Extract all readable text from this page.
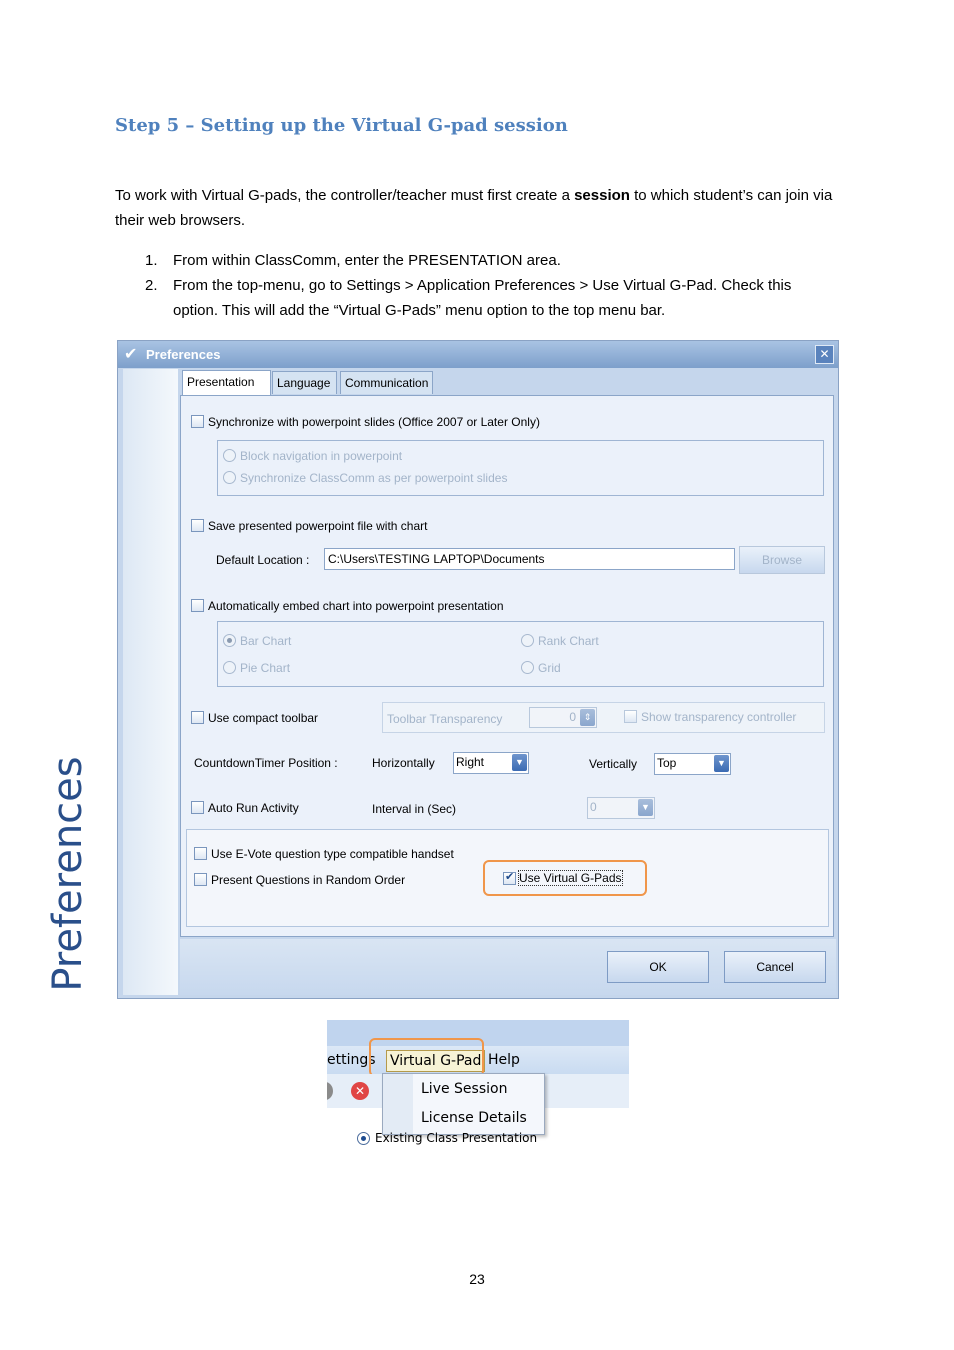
Step 5 – Setting up the Virtual G-pad session
To work with Virtual G-pads, the controller/teacher must first create a session to which student’s can join via their web browsers.
1. From within ClassComm, enter the PRESENTATION area.
2. From the top-menu, go to Settings > Application Preferences > Use Virtual G-Pad. Check this option. This will add the “Virtual G-Pads” menu option to the top menu bar.
✔ Preferences	✕
Preferences
Presentation	Language	Communication
Synchronize with powerpoint slides (Office 2007 or Later Only)
Block navigation in powerpoint
Synchronize ClassComm as per powerpoint slides
Save presented powerpoint file with chart
Default Location :	C:\Users\TESTING LAPTOP\Documents	Browse
Automatically embed chart into powerpoint presentation
Bar Chart	Rank Chart
Pie Chart	Grid
Use compact toolbar	Toolbar Transparency	0 ⇕	Show transparency controller
CountdownTimer Position :	Horizontally Right	▼	Vertically Top	▼
Auto Run Activity	Interval in (Sec)	0	▼
Use E-Vote question type compatible handset
Present Questions in Random Order
✔	Use Virtual G-Pads
OK	Cancel
ettings Virtual G-Pad Help
✕	Live Session
License Details
Existing Class Presentation
23
